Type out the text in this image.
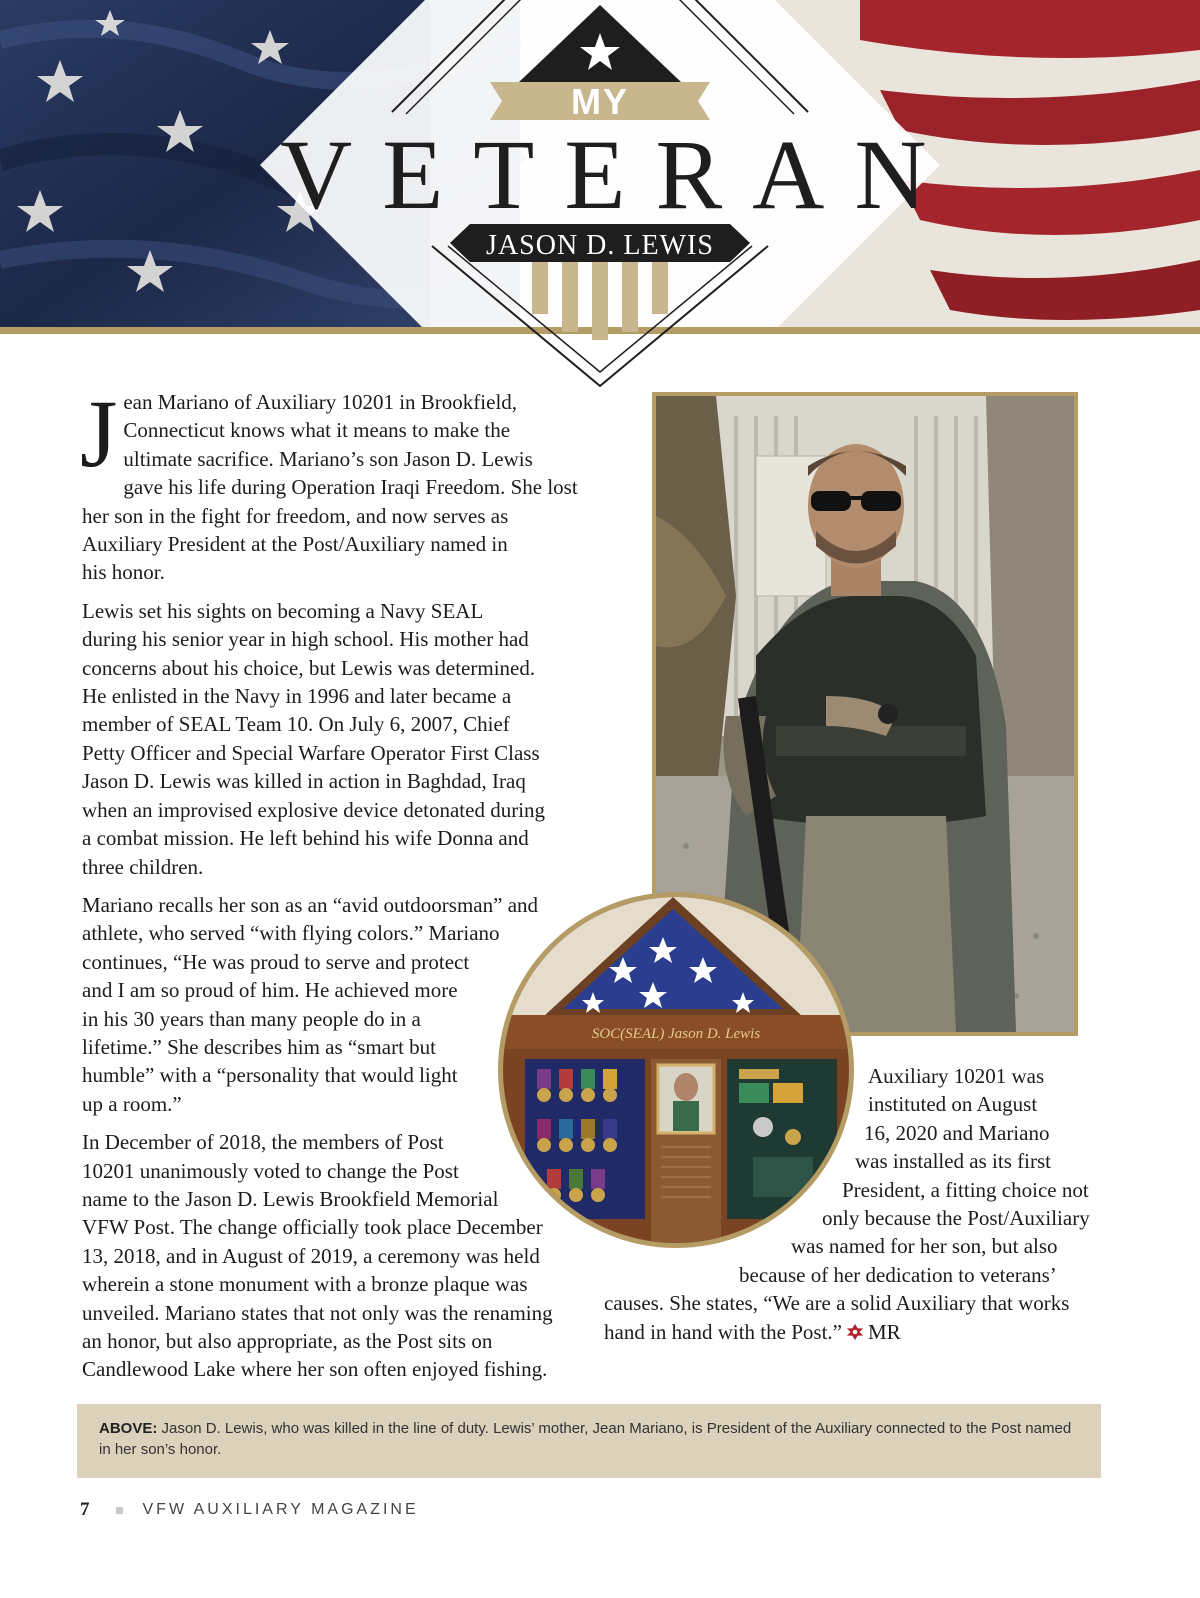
MY
VETERAN
JASON D. LEWIS

J ean Mariano of Auxiliary 10201 in Brookfield,
Connecticut knows what it means to make the
ultimate sacrifice. Mariano’s son Jason D. Lewis
gave his life during Operation Iraqi Freedom. She lost
her son in the fight for freedom, and now serves as
Auxiliary President at the Post/Auxiliary named in
his honor.

Lewis set his sights on becoming a Navy SEAL
during his senior year in high school. His mother had
concerns about his choice, but Lewis was determined.
He enlisted in the Navy in 1996 and later became a
member of SEAL Team 10. On July 6, 2007, Chief
Petty Officer and Special Warfare Operator First Class
Jason D. Lewis was killed in action in Baghdad, Iraq
when an improvised explosive device detonated during
a combat mission. He left behind his wife Donna and
three children.

Mariano recalls her son as an “avid outdoorsman” and
athlete, who served “with flying colors.” Mariano
continues, “He was proud to serve and protect
and I am so proud of him. He achieved more
in his 30 years than many people do in a
lifetime.” She describes him as “smart but
humble” with a “personality that would light
up a room.”

In December of 2018, the members of Post
10201 unanimously voted to change the Post
name to the Jason D. Lewis Brookfield Memorial
VFW Post. The change officially took place December
13, 2018, and in August of 2019, a ceremony was held
wherein a stone monument with a bronze plaque was
unveiled. Mariano states that not only was the renaming
an honor, but also appropriate, as the Post sits on
Candlewood Lake where her son often enjoyed fishing.

SOC(SEAL) Jason D. Lewis
Auxiliary 10201 was
instituted on August
16, 2020 and Mariano
was installed as its first
President, a fitting choice not
only because the Post/Auxiliary
was named for her son, but also
because of her dedication to veterans’
causes. She states, “We are a solid Auxiliary that works
hand in hand with the Post.” MR
ABOVE: Jason D. Lewis, who was killed in the line of duty. Lewis’ mother, Jean Mariano, is President of the Auxiliary connected to the Post named in her son’s honor.
7	VFW AUXILIARY MAGAZINE
